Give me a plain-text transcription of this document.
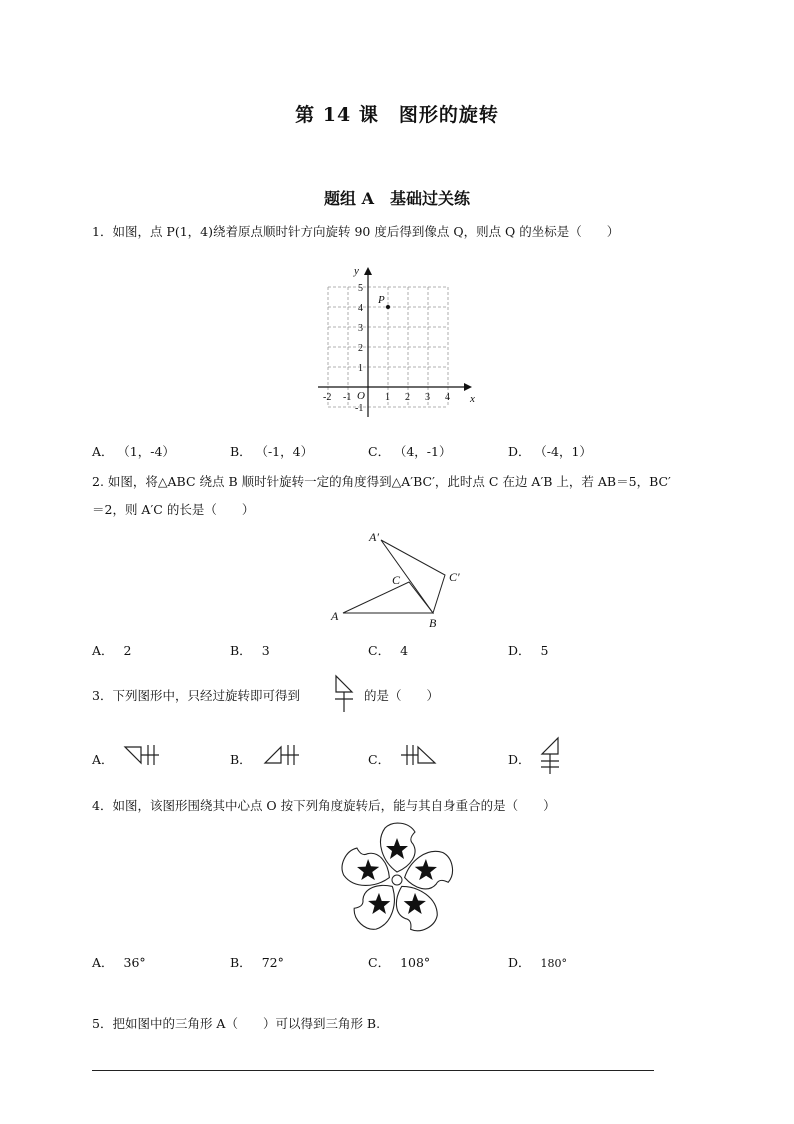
第 14 课　图形的旋转
题组 A　基础过关练
1．如图，点 P(1，4)绕着原点顺时针方向旋转 90 度后得到像点 Q，则点 Q 的坐标是（　　）
-2 -1	1 2 3 4
5
4
3
2
1
-1
O	x
y
P
A． （1，-4）	B． （-1，4）	C． （4，-1）	D． （-4，1）
2. 如图，将△ABC 绕点 B 顺时针旋转一定的角度得到△A′BC′，此时点 C 在边 A′B 上，若 AB＝5，BC′
＝2，则 A′C 的长是（　　）
A′
C	C′
A	B
A． 2	B． 3	C． 4	D． 5
3．下列图形中，只经过旋转即可得到	的是（　　）
A．	B．	C．	D．
4．如图，该图形围绕其中心点 O 按下列角度旋转后，能与其自身重合的是（　　）
A． 36°	B． 72°	C． 108°	D． 180°
5．把如图中的三角形 A（　　）可以得到三角形 B.
